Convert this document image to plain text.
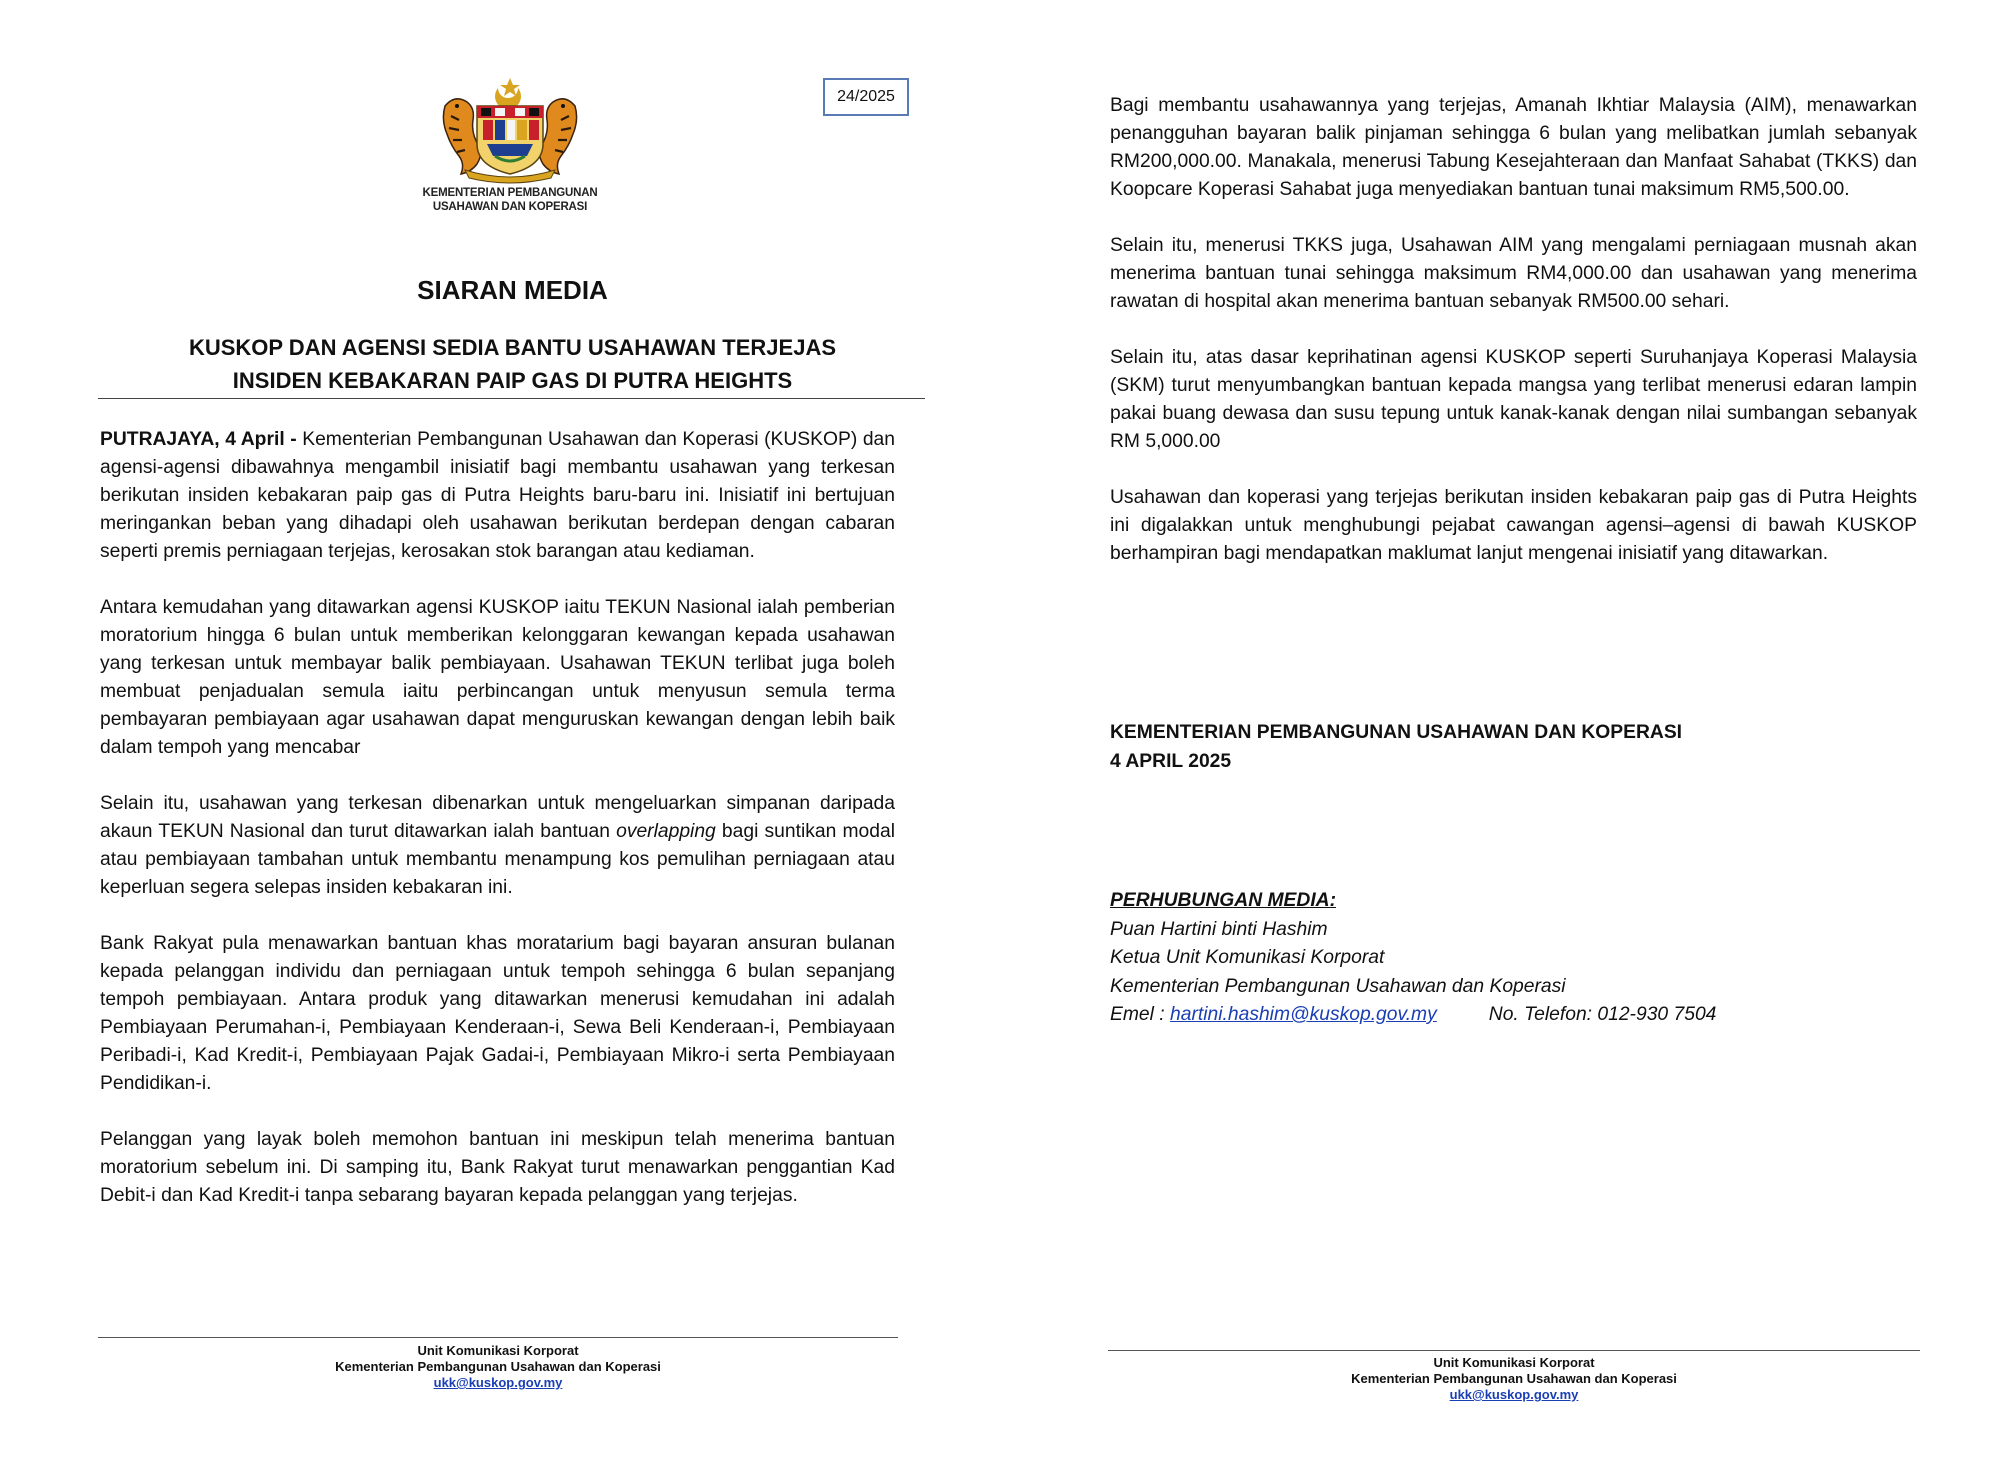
KEMENTERIAN PEMBANGUNAN
USAHAWAN DAN KOPERASI
24/2025
SIARAN MEDIA
KUSKOP DAN AGENSI SEDIA BANTU USAHAWAN TERJEJAS
INSIDEN KEBAKARAN PAIP GAS DI PUTRA HEIGHTS

PUTRAJAYA, 4 April - Kementerian Pembangunan Usahawan dan Koperasi (KUSKOP) dan agensi-agensi dibawahnya mengambil inisiatif bagi membantu usahawan yang terkesan berikutan insiden kebakaran paip gas di Putra Heights baru-baru ini. Inisiatif ini bertujuan meringankan beban yang dihadapi oleh usahawan berikutan berdepan dengan cabaran seperti premis perniagaan terjejas, kerosakan stok barangan atau kediaman.

Antara kemudahan yang ditawarkan agensi KUSKOP iaitu TEKUN Nasional ialah pemberian moratorium hingga 6 bulan untuk memberikan kelonggaran kewangan kepada usahawan yang terkesan untuk membayar balik pembiayaan. Usahawan TEKUN terlibat juga boleh membuat penjadualan semula iaitu perbincangan untuk menyusun semula terma pembayaran pembiayaan agar usahawan dapat menguruskan kewangan dengan lebih baik dalam tempoh yang mencabar

Selain itu, usahawan yang terkesan dibenarkan untuk mengeluarkan simpanan daripada akaun TEKUN Nasional dan turut ditawarkan ialah bantuan overlapping bagi suntikan modal atau pembiayaan tambahan untuk membantu menampung kos pemulihan perniagaan atau keperluan segera selepas insiden kebakaran ini.

Bank Rakyat pula menawarkan bantuan khas moratarium bagi bayaran ansuran bulanan kepada pelanggan individu dan perniagaan untuk tempoh sehingga 6 bulan sepanjang tempoh pembiayaan. Antara produk yang ditawarkan menerusi kemudahan ini adalah Pembiayaan Perumahan-i, Pembiayaan Kenderaan-i, Sewa Beli Kenderaan-i, Pembiayaan Peribadi-i, Kad Kredit-i, Pembiayaan Pajak Gadai-i, Pembiayaan Mikro-i serta Pembiayaan Pendidikan-i.

Pelanggan yang layak boleh memohon bantuan ini meskipun telah menerima bantuan moratorium sebelum ini. Di samping itu, Bank Rakyat turut menawarkan penggantian Kad Debit-i dan Kad Kredit-i tanpa sebarang bayaran kepada pelanggan yang terjejas.

Unit Komunikasi Korporat
Kementerian Pembangunan Usahawan dan Koperasi
ukk@kuskop.gov.my

Bagi membantu usahawannya yang terjejas, Amanah Ikhtiar Malaysia (AIM), menawarkan penangguhan bayaran balik pinjaman sehingga 6 bulan yang melibatkan jumlah sebanyak RM200,000.00. Manakala, menerusi Tabung Kesejahteraan dan Manfaat Sahabat (TKKS) dan Koopcare Koperasi Sahabat juga menyediakan bantuan tunai maksimum RM5,500.00.

Selain itu, menerusi TKKS juga, Usahawan AIM yang mengalami perniagaan musnah akan menerima bantuan tunai sehingga maksimum RM4,000.00 dan usahawan yang menerima rawatan di hospital akan menerima bantuan sebanyak RM500.00 sehari.

Selain itu, atas dasar keprihatinan agensi KUSKOP seperti Suruhanjaya Koperasi Malaysia (SKM) turut menyumbangkan bantuan kepada mangsa yang terlibat menerusi edaran lampin pakai buang dewasa dan susu tepung untuk kanak-kanak dengan nilai sumbangan sebanyak RM 5,000.00

Usahawan dan koperasi yang terjejas berikutan insiden kebakaran paip gas di Putra Heights ini digalakkan untuk menghubungi pejabat cawangan agensi–agensi di bawah KUSKOP berhampiran bagi mendapatkan maklumat lanjut mengenai inisiatif yang ditawarkan.

KEMENTERIAN PEMBANGUNAN USAHAWAN DAN KOPERASI
4 APRIL 2025
PERHUBUNGAN MEDIA:
Puan Hartini binti Hashim
Ketua Unit Komunikasi Korporat
Kementerian Pembangunan Usahawan dan Koperasi
Emel : hartini.hashim@kuskop.gov.my	No. Telefon: 012-930 7504
Unit Komunikasi Korporat
Kementerian Pembangunan Usahawan dan Koperasi
ukk@kuskop.gov.my
